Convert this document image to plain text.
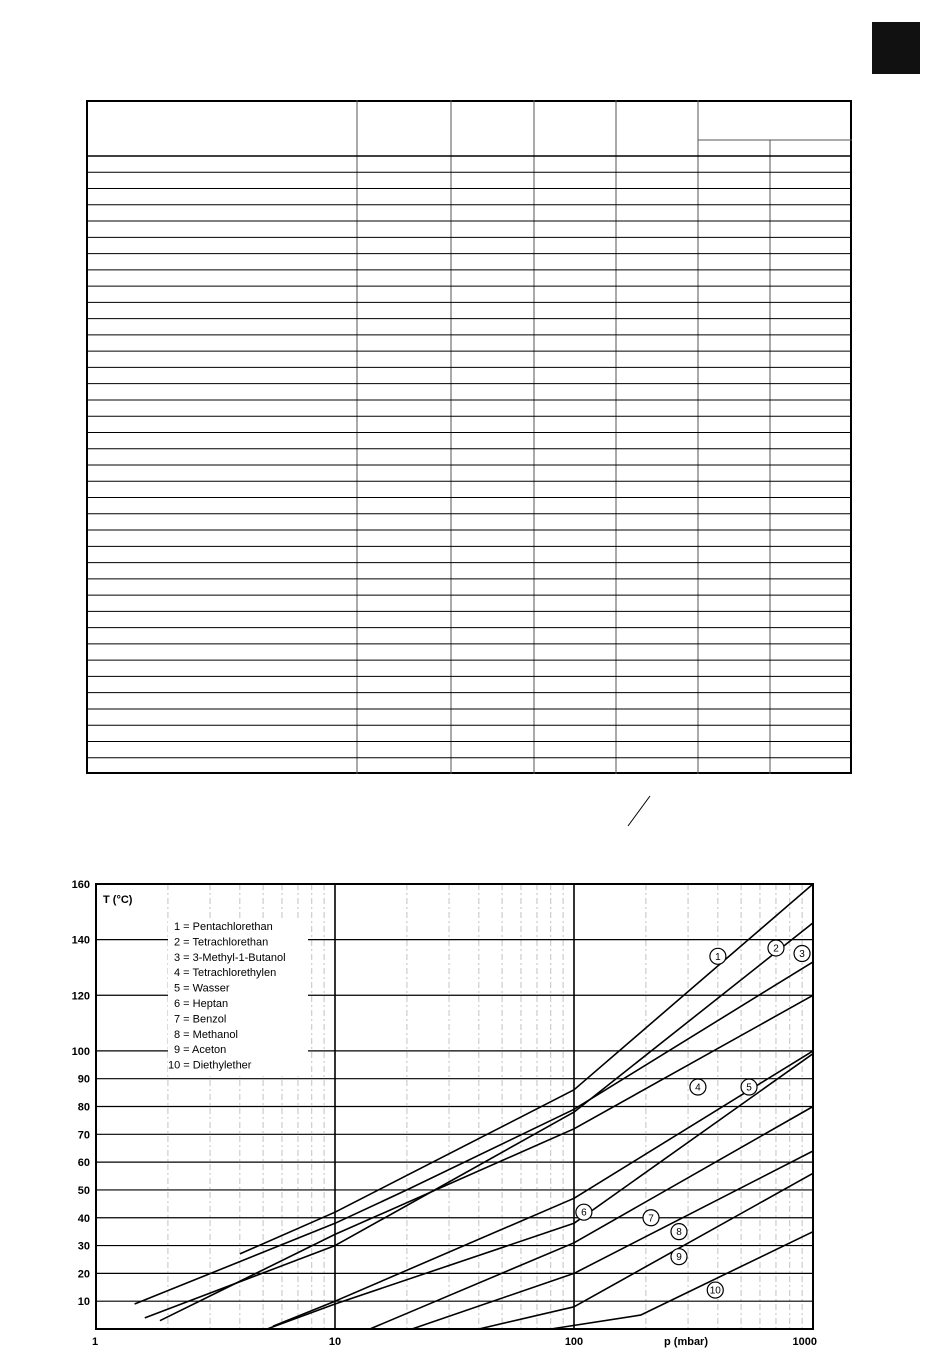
10
20
30
40
50
60
70
80
90
100
120
140
160
1	10	100	1000
T (°C)
p (mbar)
1 = Pentachlorethan
2 = Tetrachlorethan
3 = 3-Methyl-1-Butanol
4 = Tetrachlorethylen
5 = Wasser
6 = Heptan
7 = Benzol
8 = Methanol
9 = Aceton
10 = Diethylether
1
2
3
4	5
6
7
8
9
10
